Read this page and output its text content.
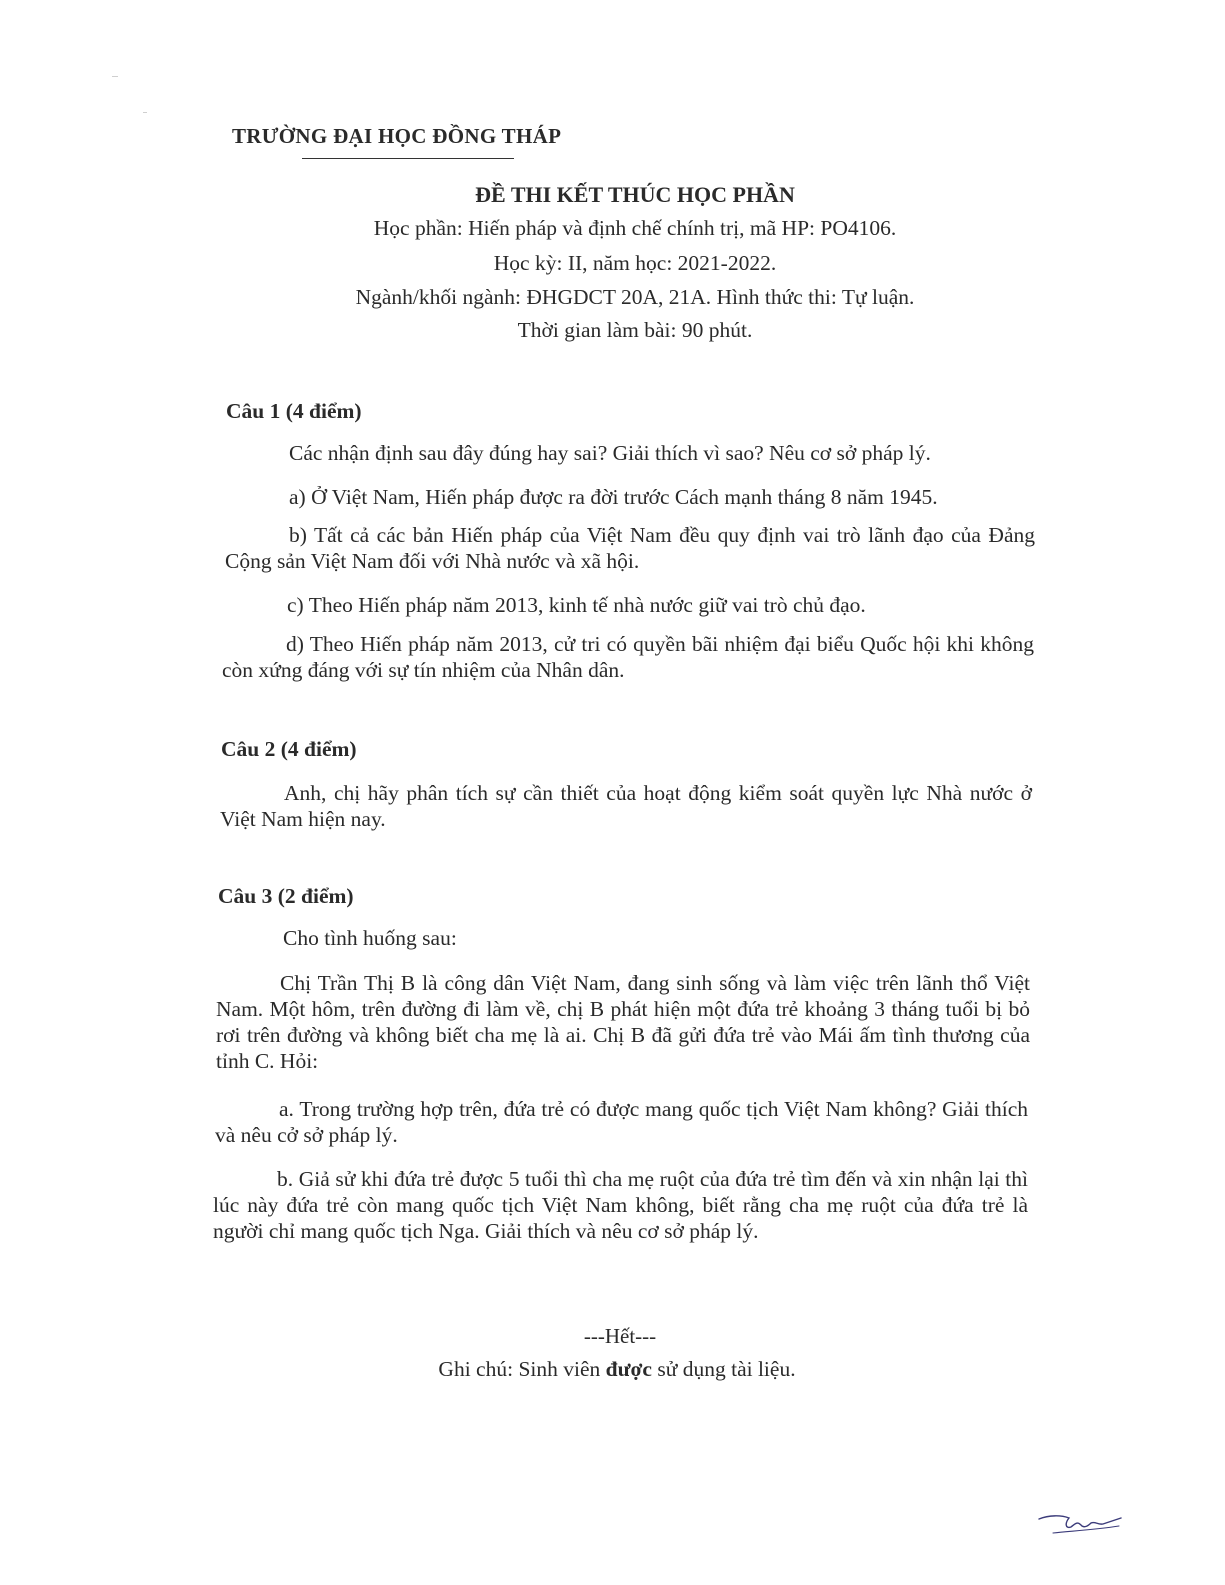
TRƯỜNG ĐẠI HỌC ĐỒNG THÁP
ĐỀ THI KẾT THÚC HỌC PHẦN
Học phần: Hiến pháp và định chế chính trị, mã HP: PO4106.
Học kỳ: II, năm học: 2021-2022.
Ngành/khối ngành: ĐHGDCT 20A, 21A. Hình thức thi: Tự luận.
Thời gian làm bài: 90 phút.
Câu 1 (4 điểm)
Các nhận định sau đây đúng hay sai? Giải thích vì sao? Nêu cơ sở pháp lý.
a) Ở Việt Nam, Hiến pháp được ra đời trước Cách mạnh tháng 8 năm 1945.
b) Tất cả các bản Hiến pháp của Việt Nam đều quy định vai trò lãnh đạo của Đảng Cộng sản Việt Nam đối với Nhà nước và xã hội.
c) Theo Hiến pháp năm 2013, kinh tế nhà nước giữ vai trò chủ đạo.
d) Theo Hiến pháp năm 2013, cử tri có quyền bãi nhiệm đại biểu Quốc hội khi không còn xứng đáng với sự tín nhiệm của Nhân dân.
Câu 2 (4 điểm)
Anh, chị hãy phân tích sự cần thiết của hoạt động kiểm soát quyền lực Nhà nước ở Việt Nam hiện nay.
Câu 3 (2 điểm)
Cho tình huống sau:
Chị Trần Thị B là công dân Việt Nam, đang sinh sống và làm việc trên lãnh thổ Việt Nam. Một hôm, trên đường đi làm về, chị B phát hiện một đứa trẻ khoảng 3 tháng tuổi bị bỏ rơi trên đường và không biết cha mẹ là ai. Chị B đã gửi đứa trẻ vào Mái ấm tình thương của tỉnh C. Hỏi:
a. Trong trường hợp trên, đứa trẻ có được mang quốc tịch Việt Nam không? Giải thích và nêu cở sở pháp lý.
b. Giả sử khi đứa trẻ được 5 tuổi thì cha mẹ ruột của đứa trẻ tìm đến và xin nhận lại thì lúc này đứa trẻ còn mang quốc tịch Việt Nam không, biết rằng cha mẹ ruột của đứa trẻ là người chỉ mang quốc tịch Nga. Giải thích và nêu cơ sở pháp lý.
---Hết---
Ghi chú: Sinh viên được sử dụng tài liệu.
